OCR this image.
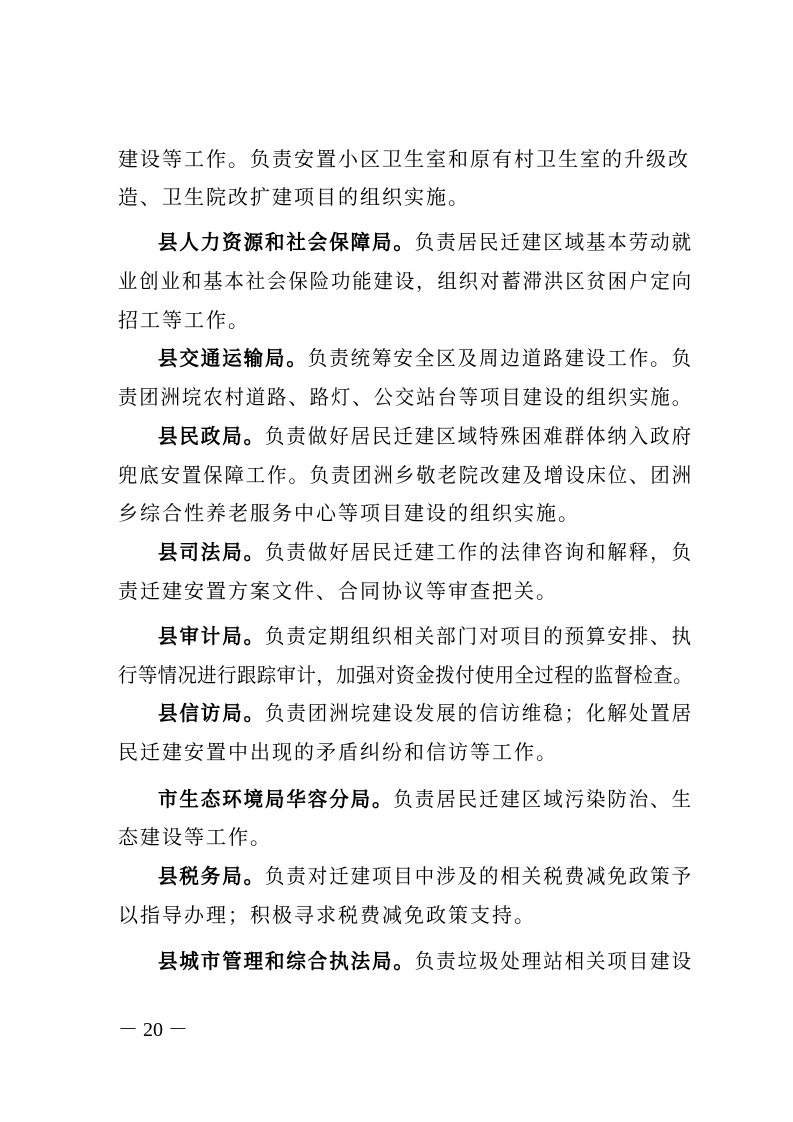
建设等工作。负责安置小区卫生室和原有村卫生室的升级改
造、卫生院改扩建项目的组织实施。
县人力资源和社会保障局。负责居民迁建区域基本劳动就
业创业和基本社会保险功能建设，组织对蓄滞洪区贫困户定向
招工等工作。
县交通运输局。负责统筹安全区及周边道路建设工作。负
责团洲垸农村道路、路灯、公交站台等项目建设的组织实施。
县民政局。负责做好居民迁建区域特殊困难群体纳入政府
兜底安置保障工作。负责团洲乡敬老院改建及增设床位、团洲
乡综合性养老服务中心等项目建设的组织实施。
县司法局。负责做好居民迁建工作的法律咨询和解释，负
责迁建安置方案文件、合同协议等审查把关。
县审计局。负责定期组织相关部门对项目的预算安排、执
行等情况进行跟踪审计，加强对资金拨付使用全过程的监督检查。
县信访局。负责团洲垸建设发展的信访维稳；化解处置居
民迁建安置中出现的矛盾纠纷和信访等工作。
市生态环境局华容分局。负责居民迁建区域污染防治、生
态建设等工作。
县税务局。负责对迁建项目中涉及的相关税费减免政策予
以指导办理；积极寻求税费减免政策支持。
县城市管理和综合执法局。负责垃圾处理站相关项目建设
－ 20 －
